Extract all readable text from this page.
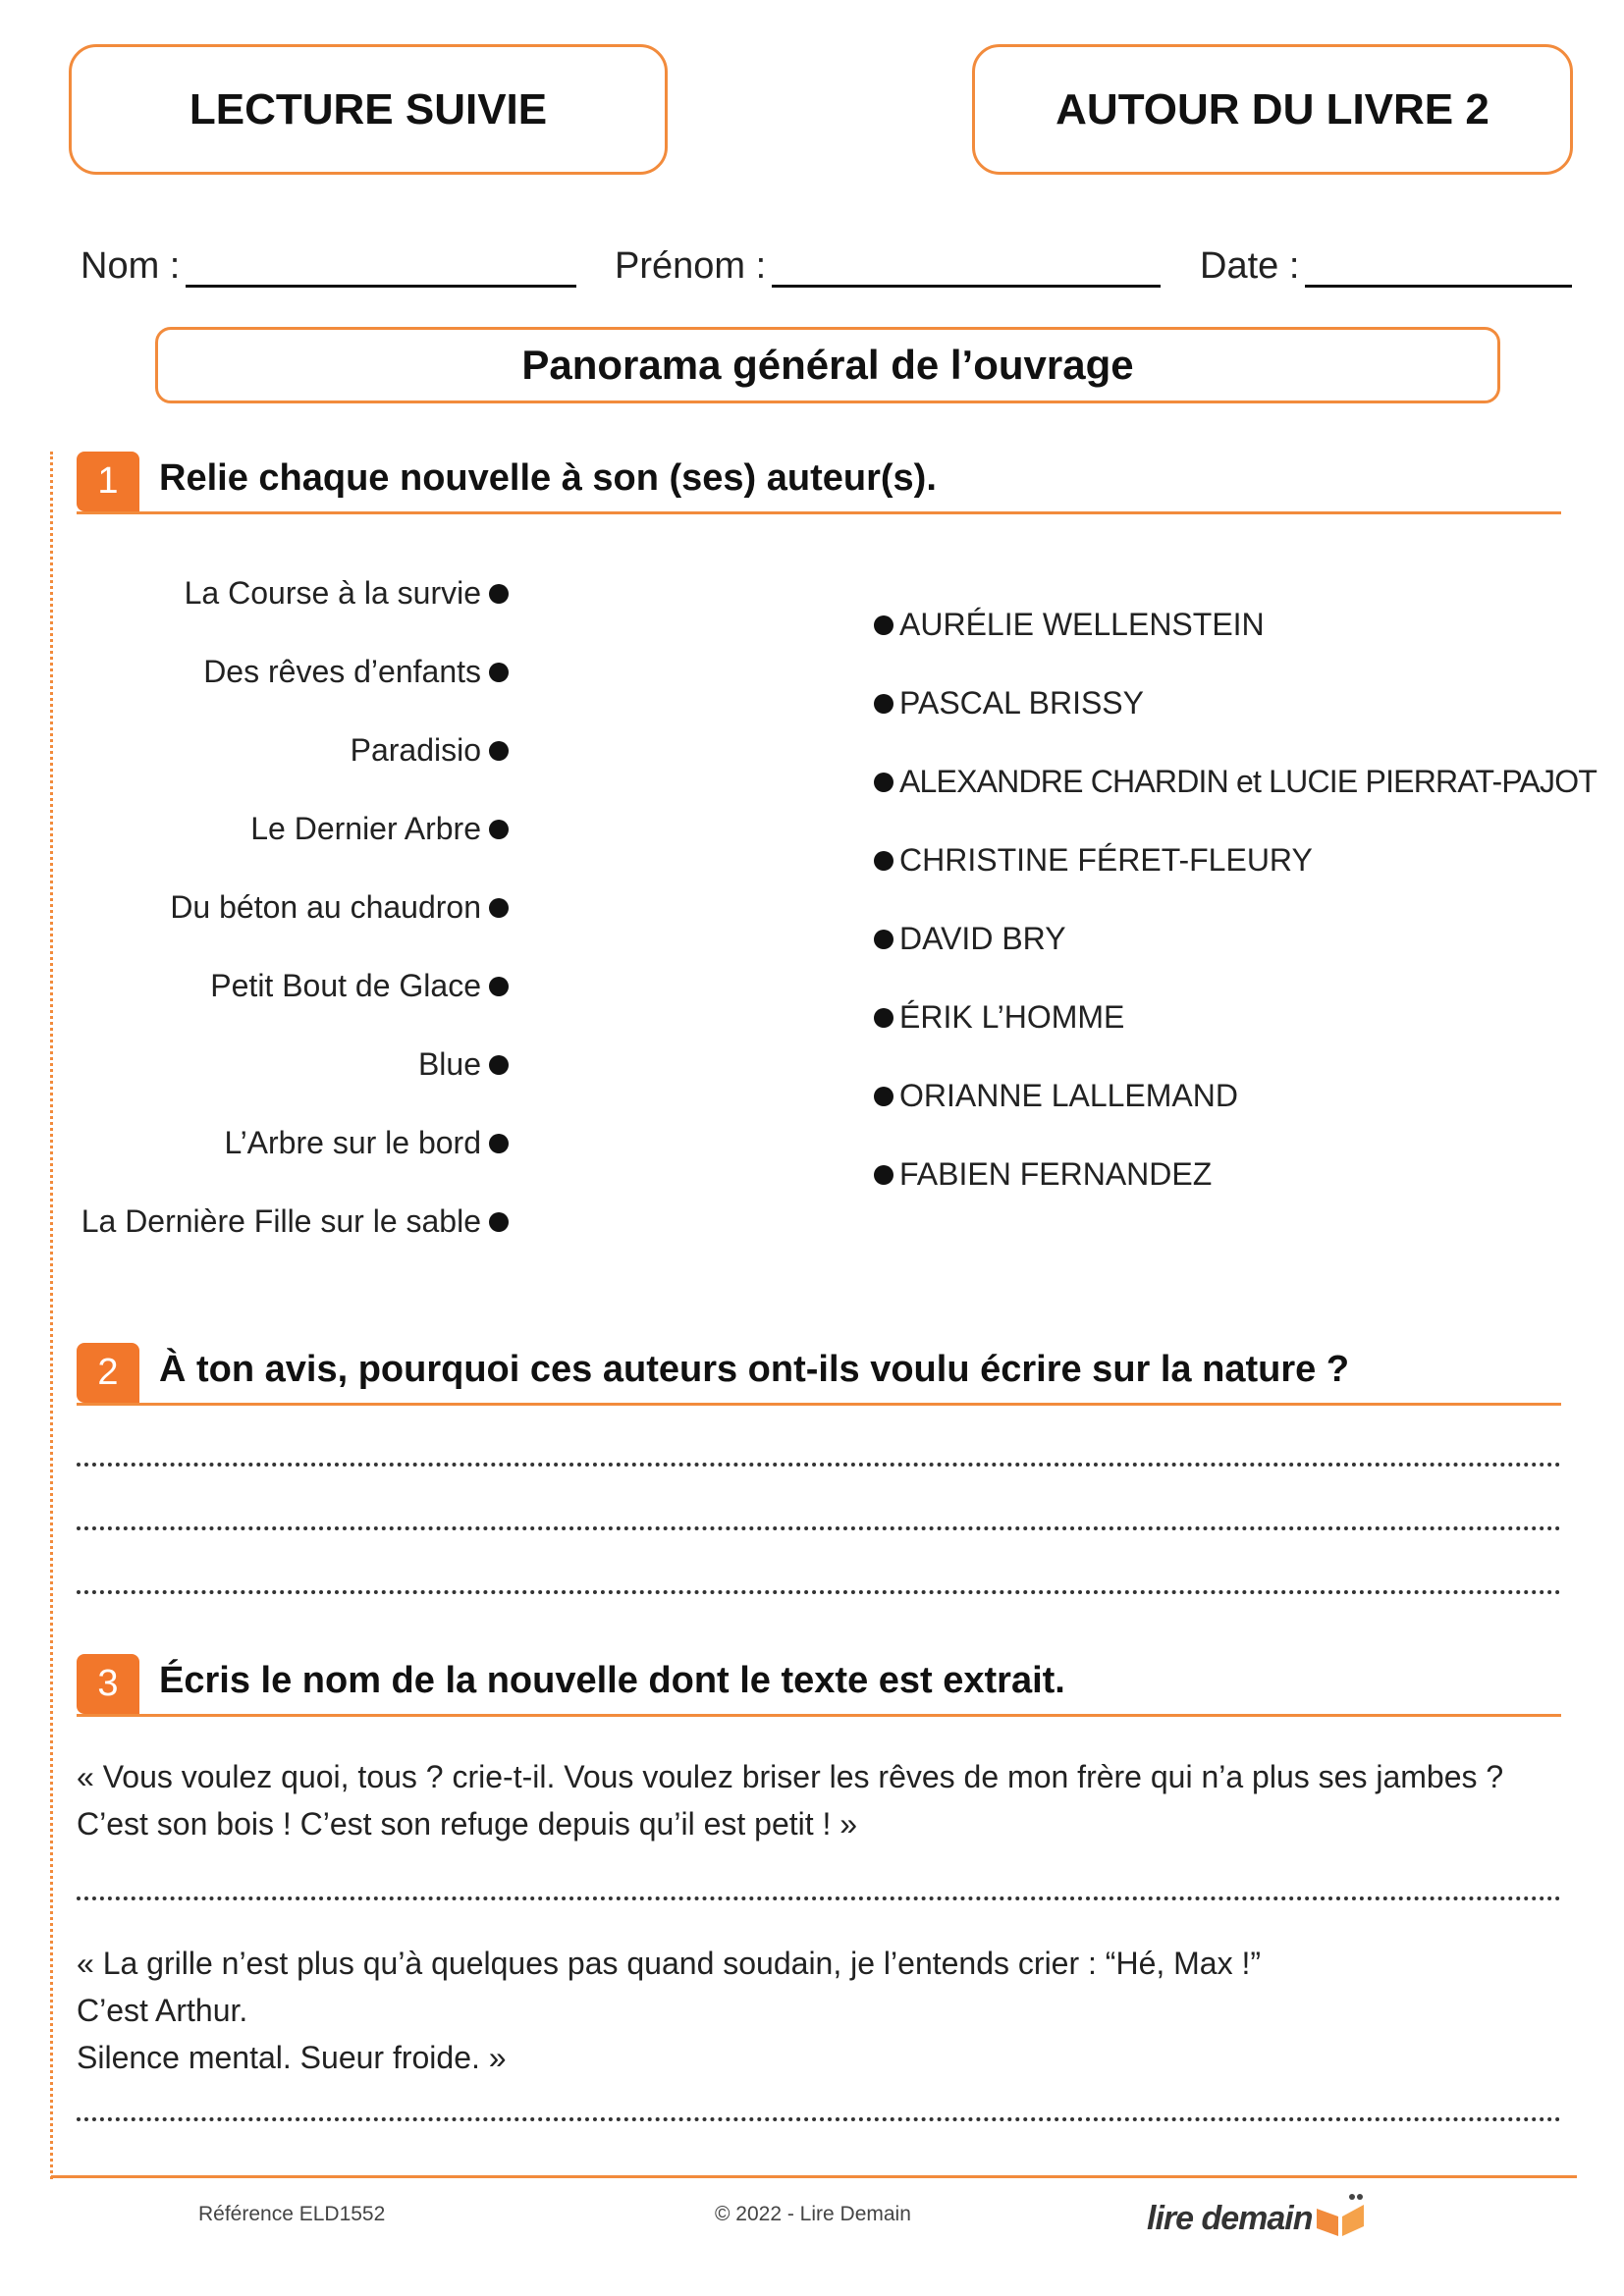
LECTURE SUIVIE	AUTOUR DU LIVRE 2
Nom :	Prénom :	Date :
Panorama général de l’ouvrage
1	Relie chaque nouvelle à son (ses) auteur(s).
La Course à la survie
Des rêves d’enfants
Paradisio
Le Dernier Arbre
Du béton au chaudron
Petit Bout de Glace
Blue
L’Arbre sur le bord
La Dernière Fille sur le sable
AURÉLIE WELLENSTEIN
PASCAL BRISSY
ALEXANDRE CHARDIN et LUCIE PIERRAT-PAJOT
CHRISTINE FÉRET-FLEURY
DAVID BRY
ÉRIK L’HOMME
ORIANNE LALLEMAND
FABIEN FERNANDEZ
2	À ton avis, pourquoi ces auteurs ont-ils voulu écrire sur la nature ?
3	Écris le nom de la nouvelle dont le texte est extrait.
« Vous voulez quoi, tous ? crie-t-il. Vous voulez briser les rêves de mon frère qui n’a plus ses jambes ?
C’est son bois ! C’est son refuge depuis qu’il est petit ! »
« La grille n’est plus qu’à quelques pas quand soudain, je l’entends crier : “Hé, Max !”
C’est Arthur.
Silence mental. Sueur froide. »
Référence ELD1552	© 2022 - Lire Demain	lire demain
